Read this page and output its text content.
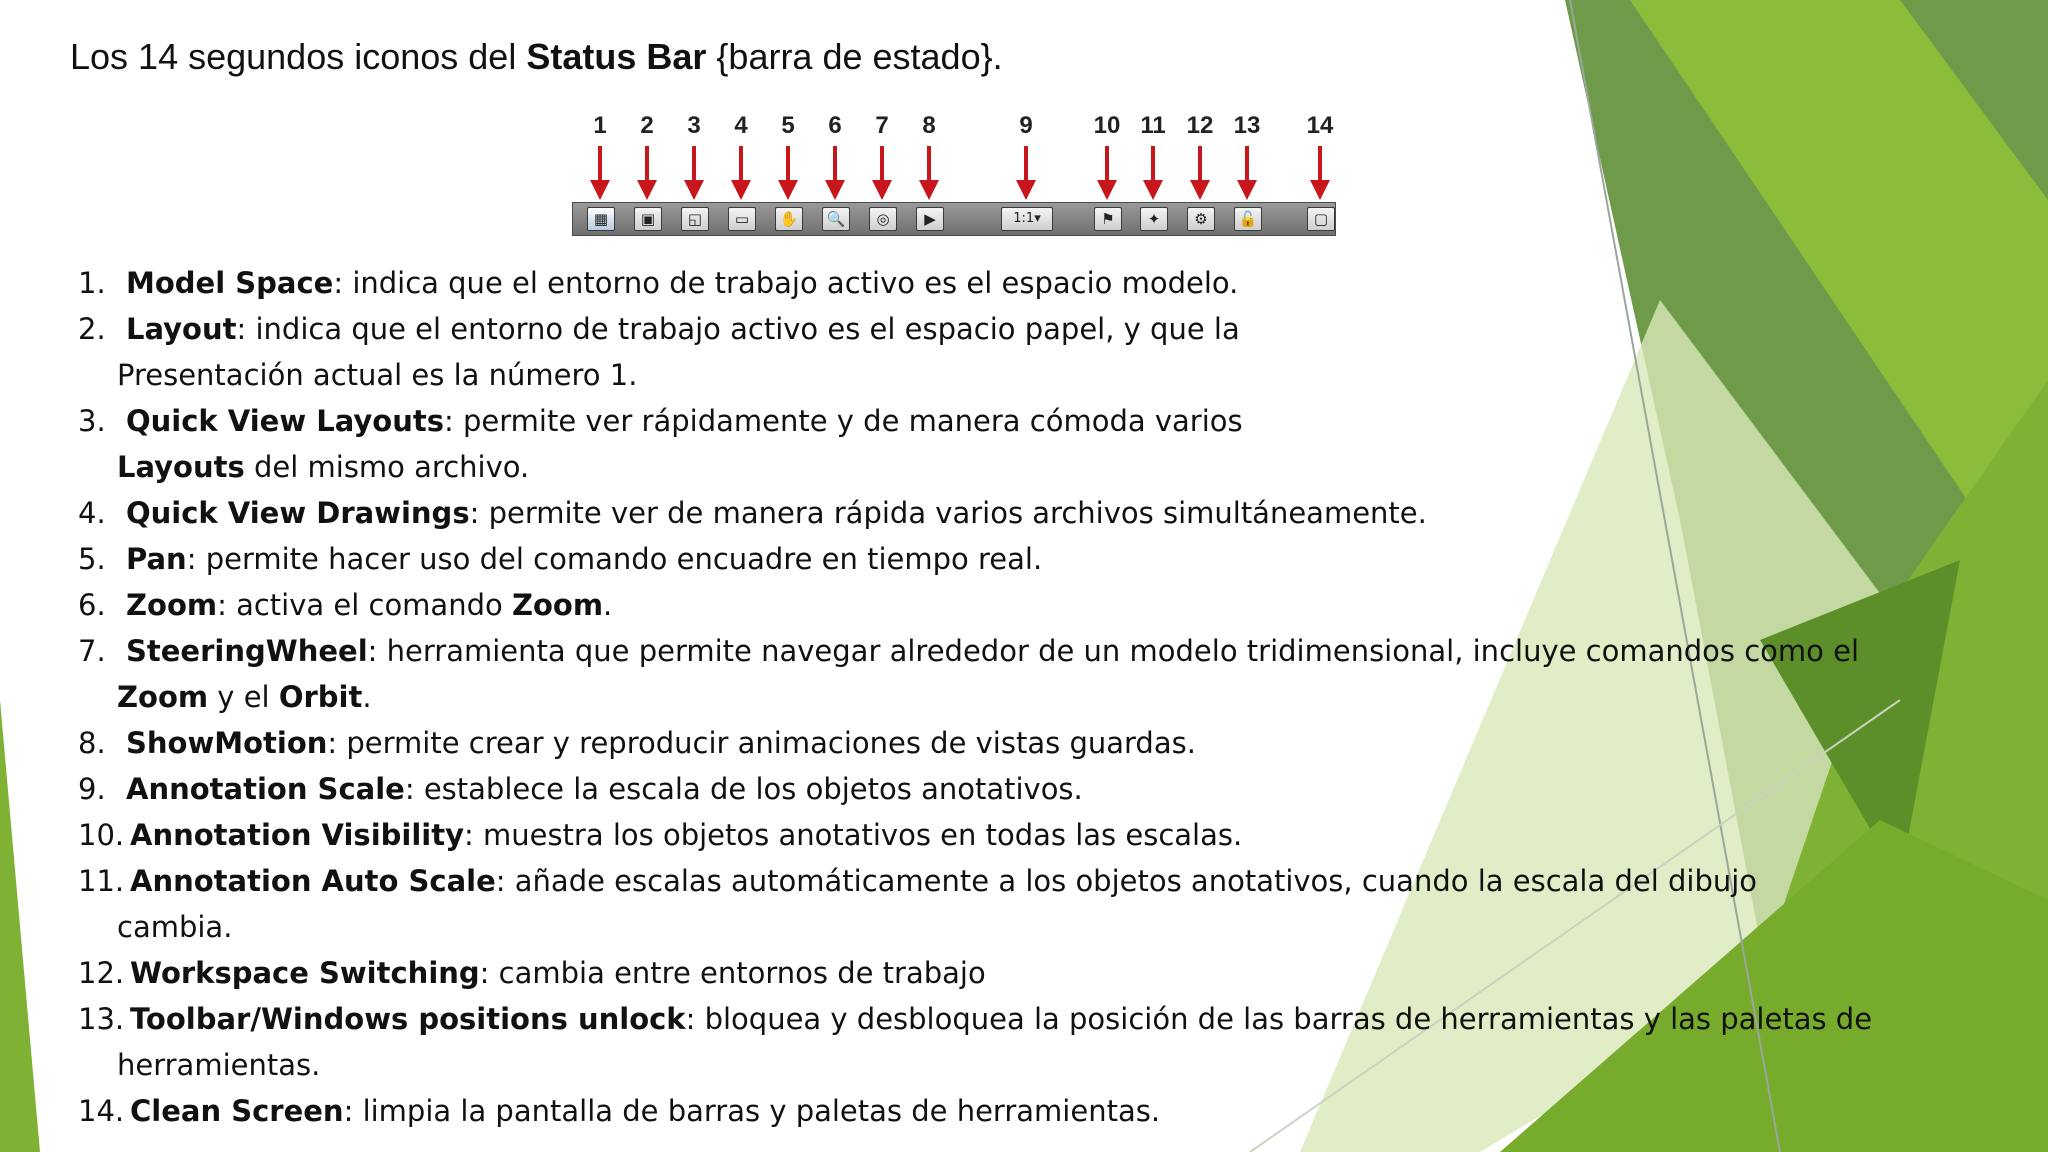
Los 14 segundos iconos del Status Bar {barra de estado}.
▦	▣	◱	▭	✋	🔍	◎	▶	1:1▾	⚑	✦	⚙	🔓	▢
1	2	3	4	5	6	7	8	9	10 11 12 13	14
1. Model Space: indica que el entorno de trabajo activo es el espacio modelo.
2. Layout: indica que el entorno de trabajo activo es el espacio papel, y que la
Presentación actual es la número 1.
3. Quick View Layouts: permite ver rápidamente y de manera cómoda varios
Layouts del mismo archivo.
4. Quick View Drawings: permite ver de manera rápida varios archivos simultáneamente.
5. Pan: permite hacer uso del comando encuadre en tiempo real.
6. Zoom: activa el comando Zoom.
7. SteeringWheel: herramienta que permite navegar alrededor de un modelo tridimensional, incluye comandos como el
Zoom y el Orbit.
8. ShowMotion: permite crear y reproducir animaciones de vistas guardas.
9. Annotation Scale: establece la escala de los objetos anotativos.
10. Annotation Visibility: muestra los objetos anotativos en todas las escalas.
11. Annotation Auto Scale: añade escalas automáticamente a los objetos anotativos, cuando la escala del dibujo
cambia.
12. Workspace Switching: cambia entre entornos de trabajo
13. Toolbar/Windows positions unlock: bloquea y desbloquea la posición de las barras de herramientas y las paletas de
herramientas.
14. Clean Screen: limpia la pantalla de barras y paletas de herramientas.
